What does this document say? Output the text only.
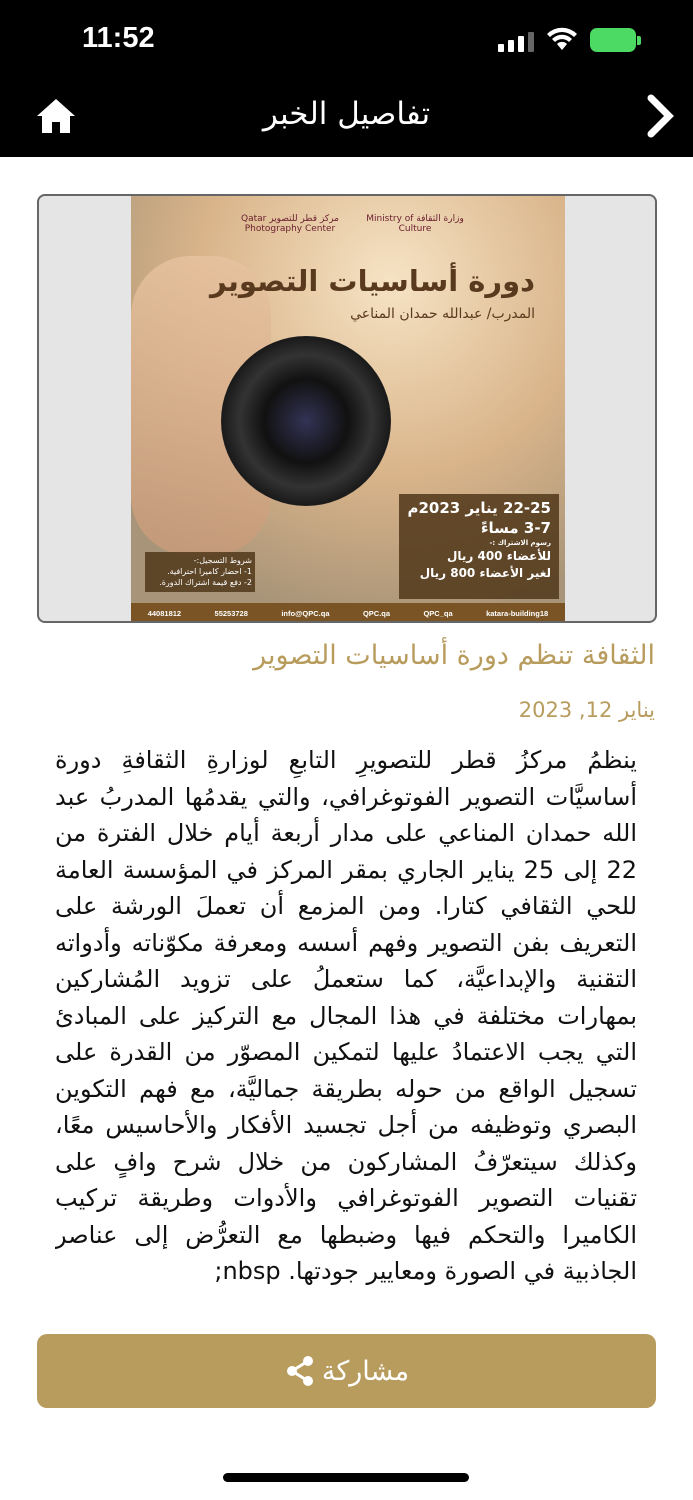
11:52
تفاصيل الخبر
وزارة الثقافة Ministry of Culture
مركز قطر للتصوير Qatar Photography Center
دورة أساسيات التصوير
المدرب/ عبدالله حمدان المناعي
22-25 يناير 2023م
3-7 مساءً
رسوم الاشتراك :-
للأعضاء 400 ريال
لغير الأعضاء 800 ريال
شروط التسجيل:-
1- احضار كاميرا احترافية.
2- دفع قيمة اشتراك الدورة.
44081812	55253728	info@QPC.qa	QPC.qa	QPC_qa	katara-building18
الثقافة تنظم دورة أساسيات التصوير
يناير 12, 2023
ينظمُ مركزُ قطر للتصويرِ التابعِ لوزارةِ الثقافةِ دورة أساسيَّات التصوير الفوتوغرافي، والتي يقدمُها المدربُ عبد الله حمدان المناعي على مدار أربعة أيام خلال الفترة من 22 إلى 25 يناير الجاري بمقر المركز في المؤسسة العامة للحي الثقافي كتارا. ومن المزمع أن تعملَ الورشة على التعريف بفن التصوير وفهم أسسه ومعرفة مكوّناته وأدواته التقنية والإبداعيَّة، كما ستعملُ على تزويد المُشاركين بمهارات مختلفة في هذا المجال مع التركيز على المبادئ التي يجب الاعتمادُ عليها لتمكين المصوّر من القدرة على تسجيل الواقع من حوله بطريقة جماليَّة، مع فهم التكوين البصري وتوظيفه من أجل تجسيد الأفكار والأحاسيس معًا، وكذلك سيتعرّفُ المشاركون من خلال شرح وافٍ على تقنيات التصوير الفوتوغرافي والأدوات وطريقة تركيب الكاميرا والتحكم فيها وضبطها مع التعرُّض إلى عناصر الجاذبية في الصورة ومعايير جودتها. nbsp;
مشاركة
